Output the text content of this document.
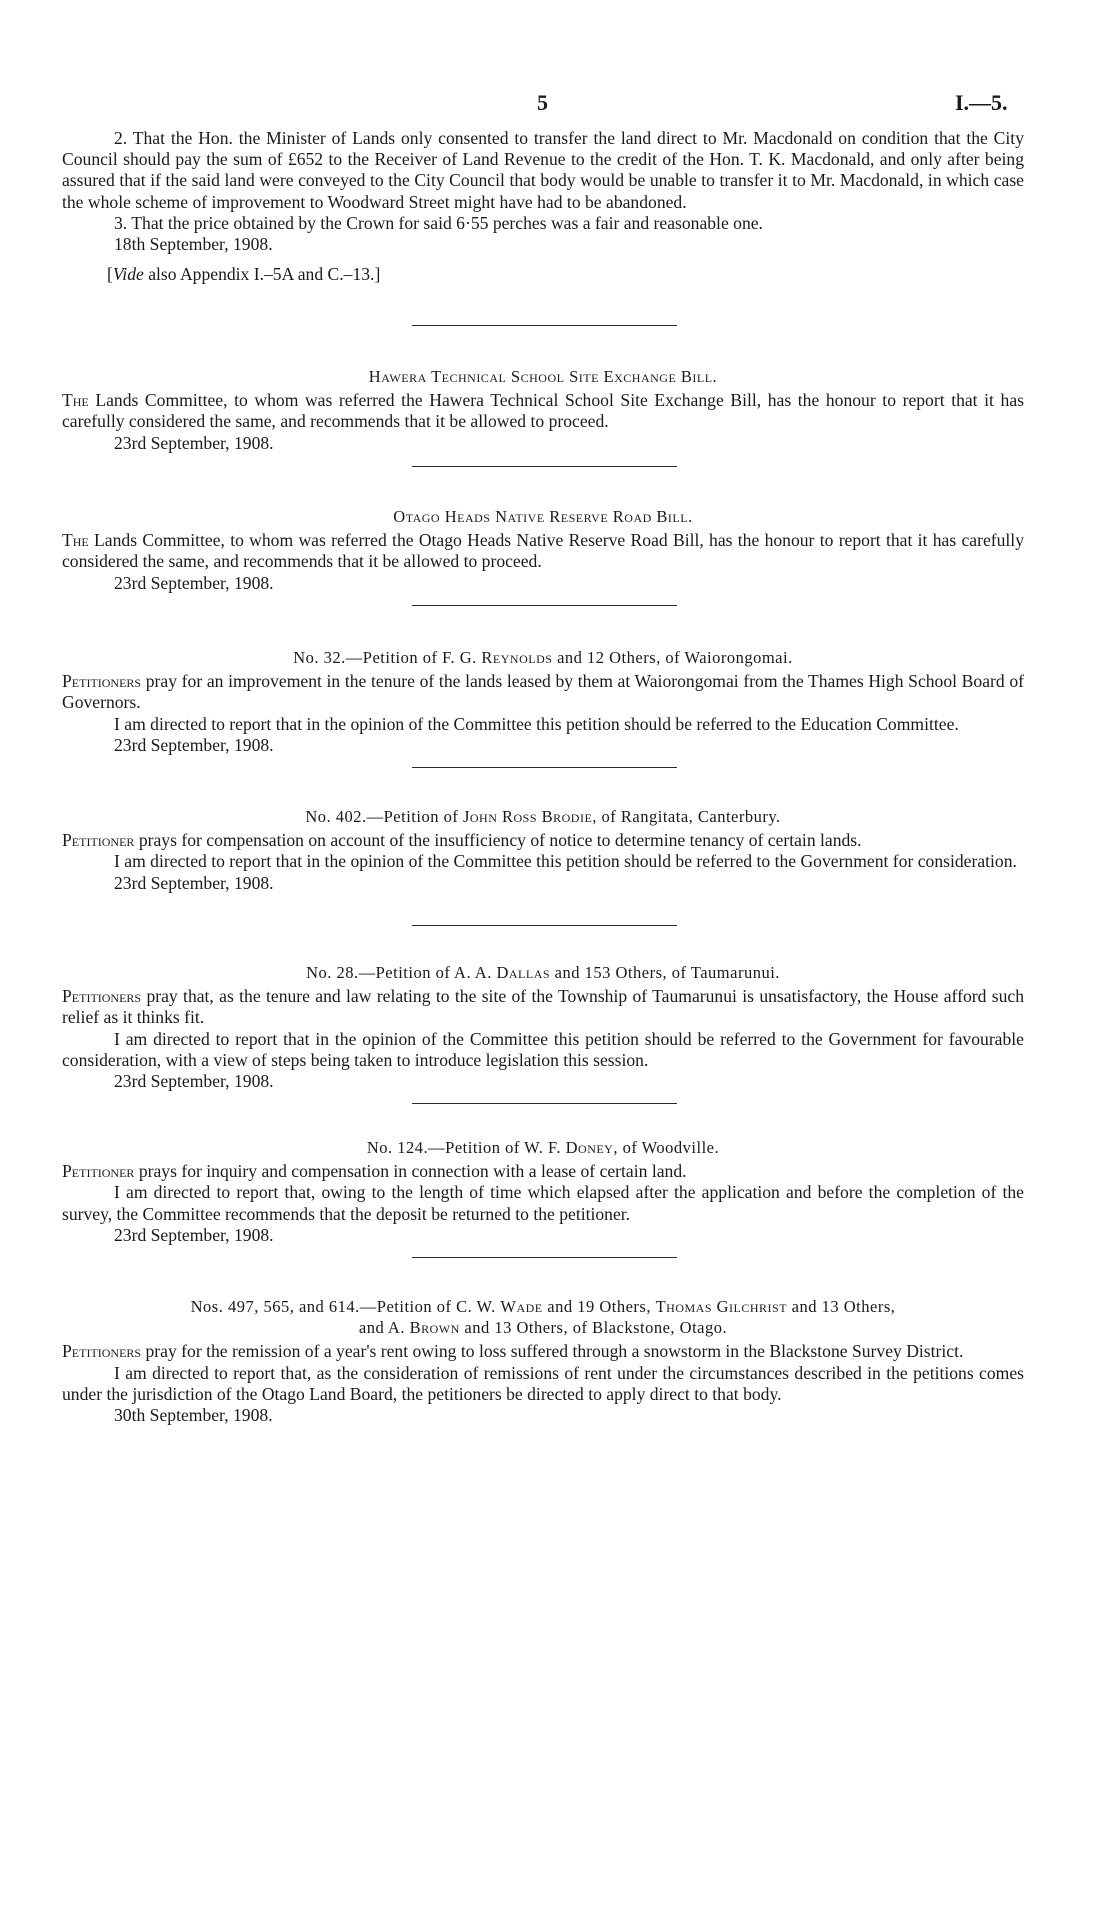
5	I.—5.

2. That the Hon. the Minister of Lands only consented to transfer the land direct to Mr. Macdonald on condition that the City Council should pay the sum of £652 to the Receiver of Land Revenue to the credit of the Hon. T. K. Macdonald, and only after being assured that if the said land were conveyed to the City Council that body would be unable to transfer it to Mr. Macdonald, in which case the whole scheme of improvement to Woodward Street might have had to be abandoned.

3. That the price obtained by the Crown for said 6·55 perches was a fair and reasonable one.

18th September, 1908.

[Vide also Appendix I.–5A and C.–13.]

Hawera Technical School Site Exchange Bill.

The Lands Committee, to whom was referred the Hawera Technical School Site Exchange Bill, has the honour to report that it has carefully considered the same, and recommends that it be allowed to proceed.

23rd September, 1908.

Otago Heads Native Reserve Road Bill.

The Lands Committee, to whom was referred the Otago Heads Native Reserve Road Bill, has the honour to report that it has carefully considered the same, and recommends that it be allowed to proceed.

23rd September, 1908.

No. 32.—Petition of F. G. Reynolds and 12 Others, of Waiorongomai.

Petitioners pray for an improvement in the tenure of the lands leased by them at Waiorongomai from the Thames High School Board of Governors.

I am directed to report that in the opinion of the Committee this petition should be referred to the Education Committee.

23rd September, 1908.

No. 402.—Petition of John Ross Brodie, of Rangitata, Canterbury.

Petitioner prays for compensation on account of the insufficiency of notice to determine tenancy of certain lands.

I am directed to report that in the opinion of the Committee this petition should be referred to the Government for consideration.

23rd September, 1908.

No. 28.—Petition of A. A. Dallas and 153 Others, of Taumarunui.

Petitioners pray that, as the tenure and law relating to the site of the Township of Taumarunui is unsatisfactory, the House afford such relief as it thinks fit.

I am directed to report that in the opinion of the Committee this petition should be referred to the Government for favourable consideration, with a view of steps being taken to introduce legislation this session.

23rd September, 1908.

No. 124.—Petition of W. F. Doney, of Woodville.

Petitioner prays for inquiry and compensation in connection with a lease of certain land.

I am directed to report that, owing to the length of time which elapsed after the application and before the completion of the survey, the Committee recommends that the deposit be returned to the petitioner.

23rd September, 1908.

Nos. 497, 565, and 614.—Petition of C. W. Wade and 19 Others, Thomas Gilchrist and 13 Others,
and A. Brown and 13 Others, of Blackstone, Otago.

Petitioners pray for the remission of a year's rent owing to loss suffered through a snowstorm in the Blackstone Survey District.

I am directed to report that, as the consideration of remissions of rent under the circumstances described in the petitions comes under the jurisdiction of the Otago Land Board, the petitioners be directed to apply direct to that body.

30th September, 1908.
